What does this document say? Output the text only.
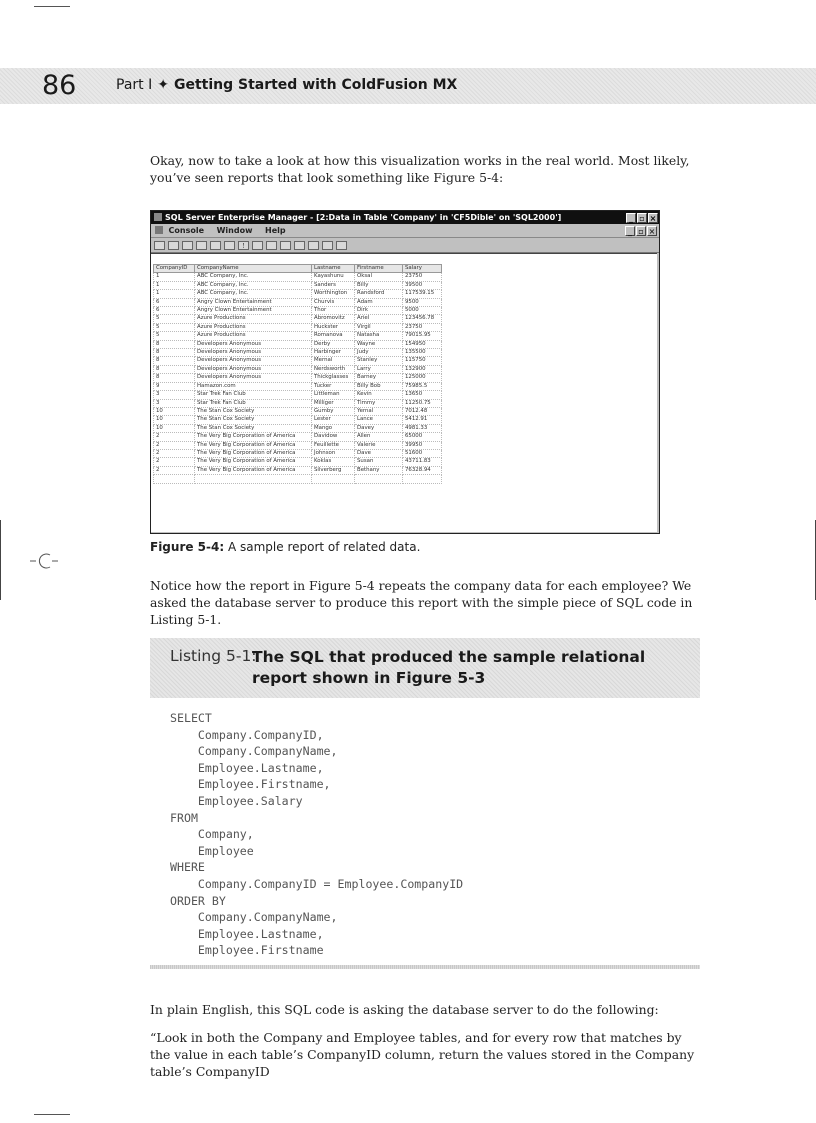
86	Part I ✦ Getting Started with ColdFusion MX

Okay, now to take a look at how this visualization works in the real world. Most likely, you’ve seen reports that look something like Figure 5-4:

SQL Server Enterprise Manager - [2:Data in Table 'Company' in 'CF5Dible' on 'SQL2000']	_ ▫ ×
Console Window Help	_ ▫ ×
!
CompanyID	CompanyName	Lastname	Firstname	Salary
1	ABC Company, Inc.	Kayashunu	Oksal	23750
1	ABC Company, Inc.	Sanders	Billy	39500
1	ABC Company, Inc.	Worthington	Randsford	117539.15
6	Angry Clown Entertainment	Churvis	Adam	9500
6	Angry Clown Entertainment	Thor	Dirk	5000
5	Azure Productions	Abromovitz	Ariel	123456.78
5	Azure Productions	Huckster	Virgil	23750
5	Azure Productions	Romanova	Natasha	79015.95
8	Developers Anonymous	Derby	Wayne	154950
8	Developers Anonymous	Harbinger	Judy	135500
8	Developers Anonymous	Mernal	Stanley	115750
8	Developers Anonymous	Nerdsworth	Larry	132900
8	Developers Anonymous	Thickglasses	Barney	125000
9	Hamazon.com	Tucker	Billy Bob	75985.5
3	Star Trek Fan Club	Littleman	Kevin	13650
3	Star Trek Fan Club	Milliger	Timmy	11250.75
10	The Stan Cox Society	Gumby	Yernal	7012.48
10	The Stan Cox Society	Lester	Lance	5412.91
10	The Stan Cox Society	Mango	Davey	4981.33
2	The Very Big Corporation of America	Davidow	Allen	65000
2	The Very Big Corporation of America	Feuillette	Valerie	39950
2	The Very Big Corporation of America	Johnson	Dave	51600
2	The Very Big Corporation of America	Koklas	Susan	43711.83
2	The Very Big Corporation of America	Silverberg	Bethany	76328.94

Figure 5-4: A sample report of related data.

Notice how the report in Figure 5-4 repeats the company data for each employee? We asked the database server to produce this report with the simple piece of SQL code in Listing 5-1.

Listing 5-1:
The SQL that produced the sample relational report shown in Figure 5-3
SELECT
Company.CompanyID,
Company.CompanyName,
Employee.Lastname,
Employee.Firstname,
Employee.Salary
FROM
Company,
Employee
WHERE
Company.CompanyID = Employee.CompanyID
ORDER BY
Company.CompanyName,
Employee.Lastname,
Employee.Firstname

In plain English, this SQL code is asking the database server to do the following:

“Look in both the Company and Employee tables, and for every row that matches by the value in each table’s CompanyID column, return the values stored in the Company table’s CompanyID
